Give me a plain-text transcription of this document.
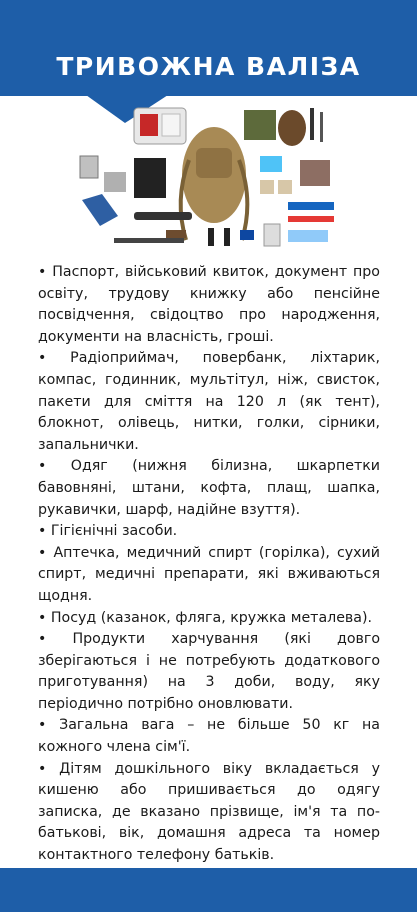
ТРИВОЖНА ВАЛІЗА

• Паспорт, військовий квиток, документ про освіту, трудову книжку або пенсійне посвідчення, свідоцтво про народження, документи на власність, гроші.

• Радіоприймач, повербанк, ліхтарик, компас, годинник, мультітул, ніж, свисток, пакети для сміття на 120 л (як тент), блокнот, олівець, нитки, голки, сірники, запальнички.

• Одяг (нижня білизна, шкарпетки бавовняні, штани, кофта, плащ, шапка, рукавички, шарф, надійне взуття).

• Гігієнічні засоби.

• Аптечка, медичний спирт (горілка), сухий спирт, медичні препарати, які вживаються щодня.

• Посуд (казанок, фляга, кружка металева).

• Продукти харчування (які довго зберігаються і не потребують додаткового приготування) на 3 доби, воду, яку періодично потрібно оновлювати.

• Загальна вага – не більше 50 кг на кожного члена сім'ї.

• Дітям дошкільного віку вкладається у кишеню або пришивається до одягу записка, де вказано прізвище, ім'я та по-батькові, вік, домашня адреса та номер контактного телефону батьків.
